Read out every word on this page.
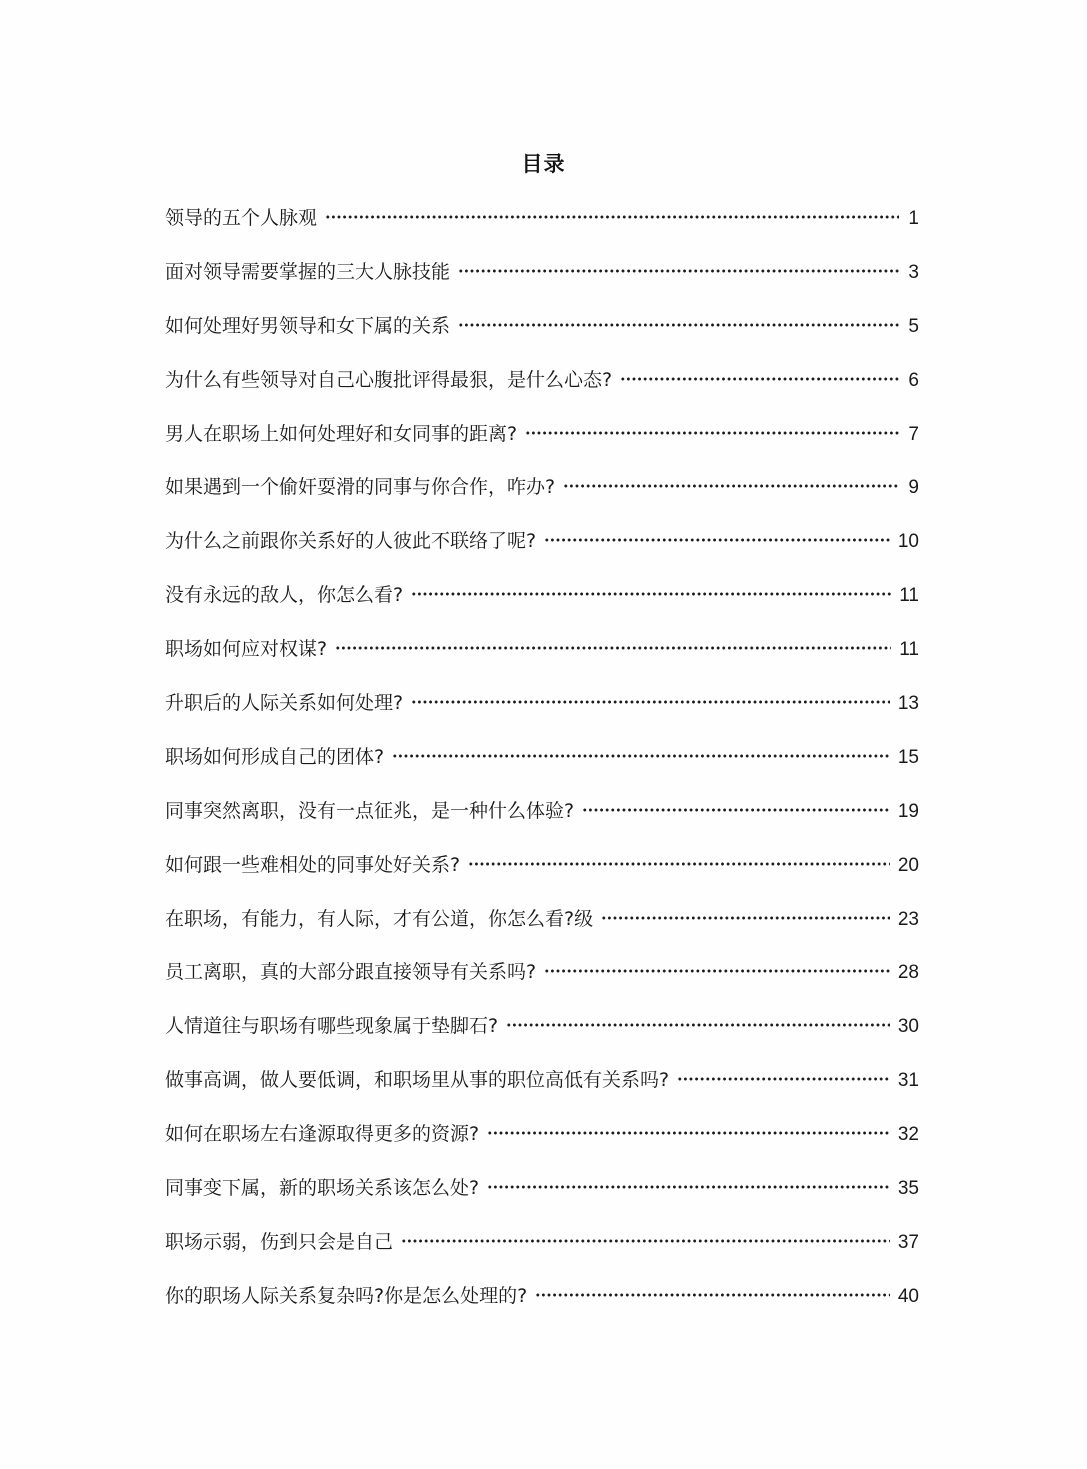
目录
领导的五个人脉观	1
面对领导需要掌握的三大人脉技能	3
如何处理好男领导和女下属的关系	5
为什么有些领导对自己心腹批评得最狠，是什么心态?	6
男人在职场上如何处理好和女同事的距离?	7
如果遇到一个偷奸耍滑的同事与你合作，咋办?	9
为什么之前跟你关系好的人彼此不联络了呢?	10
没有永远的敌人，你怎么看?	11
职场如何应对权谋?	11
升职后的人际关系如何处理?	13
职场如何形成自己的团体?	15
同事突然离职，没有一点征兆，是一种什么体验?	19
如何跟一些难相处的同事处好关系?	20
在职场，有能力，有人际，才有公道，你怎么看?级	23
员工离职，真的大部分跟直接领导有关系吗?	28
人情道往与职场有哪些现象属于垫脚石?	30
做事高调，做人要低调，和职场里从事的职位高低有关系吗?	31
如何在职场左右逢源取得更多的资源?	32
同事变下属，新的职场关系该怎么处?	35
职场示弱，伤到只会是自己	37
你的职场人际关系复杂吗?你是怎么处理的?	40
